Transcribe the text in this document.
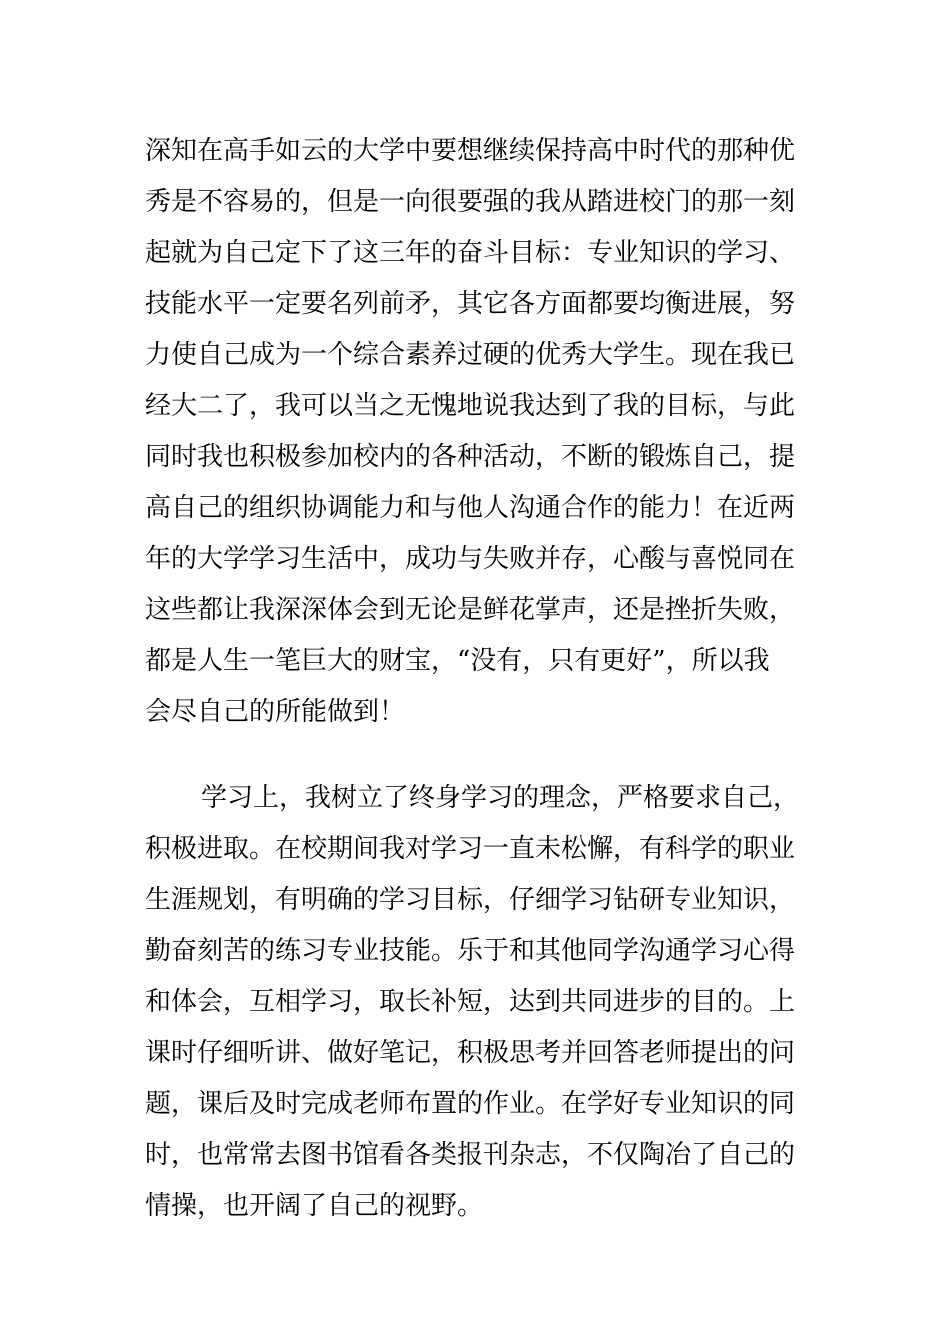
深知在高手如云的大学中要想继续保持高中时代的那种优
秀是不容易的，但是一向很要强的我从踏进校门的那一刻
起就为自己定下了这三年的奋斗目标：专业知识的学习、
技能水平一定要名列前矛，其它各方面都要均衡进展，努
力使自己成为一个综合素养过硬的优秀大学生。现在我已
经大二了，我可以当之无愧地说我达到了我的目标，与此
同时我也积极参加校内的各种活动，不断的锻炼自己，提
高自己的组织协调能力和与他人沟通合作的能力！在近两
年的大学学习生活中，成功与失败并存，心酸与喜悦同在
这些都让我深深体会到无论是鲜花掌声，还是挫折失败，
都是人生一笔巨大的财宝，“没有，只有更好”，所以我
会尽自己的所能做到！

学习上，我树立了终身学习的理念，严格要求自己，
积极进取。在校期间我对学习一直未松懈，有科学的职业
生涯规划，有明确的学习目标，仔细学习钻研专业知识，
勤奋刻苦的练习专业技能。乐于和其他同学沟通学习心得
和体会，互相学习，取长补短，达到共同进步的目的。上
课时仔细听讲、做好笔记，积极思考并回答老师提出的问
题，课后及时完成老师布置的作业。在学好专业知识的同
时，也常常去图书馆看各类报刊杂志，不仅陶冶了自己的
情操，也开阔了自己的视野。
